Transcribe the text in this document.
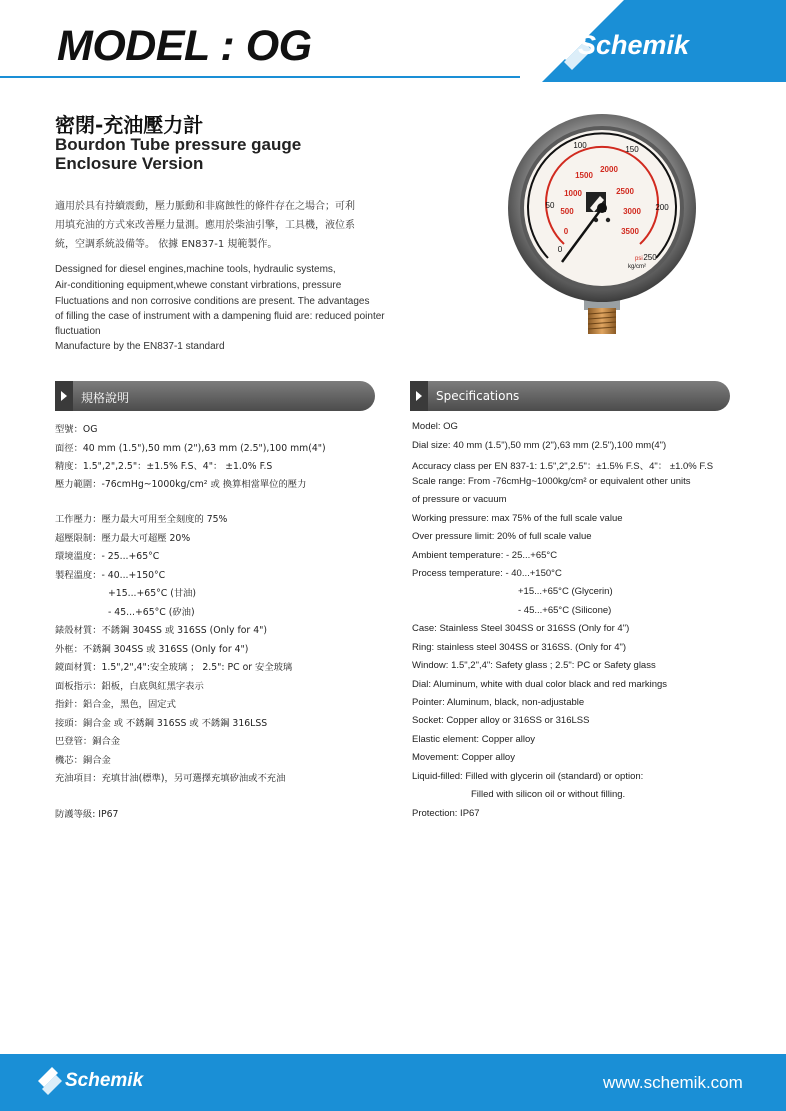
MODEL : OG	Schemik
密閉-充油壓力計
Bourdon Tube pressure gauge
Enclosure Version
適用於具有持續震動，壓力脈動和非腐蝕性的條件存在之場合；可利
用填充油的方式來改善壓力量測。應用於柴油引擎，工具機，液位系
統，空調系統設備等。 依據 EN837-1 規範製作。
Dessigned for diesel engines,machine tools, hydraulic systems,
Air-conditioning equipment,whewe constant virbrations, pressure
Fluctuations and non corrosive conditions are present. The advantages
of filling the case of instrument with a dampening fluid are: reduced pointer
fluctuation
Manufacture by the EN837-1 standard
100	150
200
250
50
0
0
500
1000
1500
2000
2500
3000
3500
psi
kg/cm²
規格說明	Specifications
型號：OG
面徑：40 mm (1.5"),50 mm (2"),63 mm (2.5"),100 mm(4")
精度：1.5",2",2.5"：±1.5% F.S、4"： ±1.0% F.S
壓力範圍：-76cmHg~1000kg/cm² 或 換算相當單位的壓力
工作壓力：壓力最大可用至全刻度的 75%
超壓限制：壓力最大可超壓 20%
環境溫度：- 25...+65°C
製程溫度：- 40...+150°C
+15...+65°C (甘油)
- 45...+65°C (矽油)
錶殼材質：不銹鋼 304SS 或 316SS (Only for 4")
外框：不銹鋼 304SS 或 316SS (Only for 4")
鏡面材質：1.5",2",4":安全玻璃 ； 2.5": PC or 安全玻璃
面板指示：鋁板，白底與紅黑字表示
指針：鋁合金，黑色，固定式
接頭：銅合金 或 不銹鋼 316SS 或 不銹鋼 316LSS
巴登管：銅合金
機芯：銅合金
充油項目：充填甘油(標準)，另可選擇充填矽油或不充油
防護等級: IP67
Model: OG
Dial size: 40 mm (1.5"),50 mm (2"),63 mm (2.5"),100 mm(4")
Accuracy class per EN 837-1: 1.5",2",2.5"：±1.5% F.S、4"： ±1.0% F.S
Scale range: From -76cmHg~1000kg/cm² or equivalent other units
of pressure or vacuum
Working pressure: max 75% of the full scale value
Over pressure limit: 20% of full scale value
Ambient temperature: - 25...+65°C
Process temperature: - 40...+150°C
+15...+65°C (Glycerin)
- 45...+65°C (Silicone)
Case: Stainless Steel 304SS or 316SS (Only for 4")
Ring: stainless steel 304SS or 316SS. (Only for 4")
Window: 1.5",2",4": Safety glass ; 2.5": PC or Safety glass
Dial: Aluminum, white with dual color black and red markings
Pointer: Aluminum, black, non-adjustable
Socket: Copper alloy or 316SS or 316LSS
Elastic element: Copper alloy
Movement: Copper alloy
Liquid-filled: Filled with glycerin oil (standard) or option:
Filled with silicon oil or without filling.
Protection: IP67
Schemik	www.schemik.com
